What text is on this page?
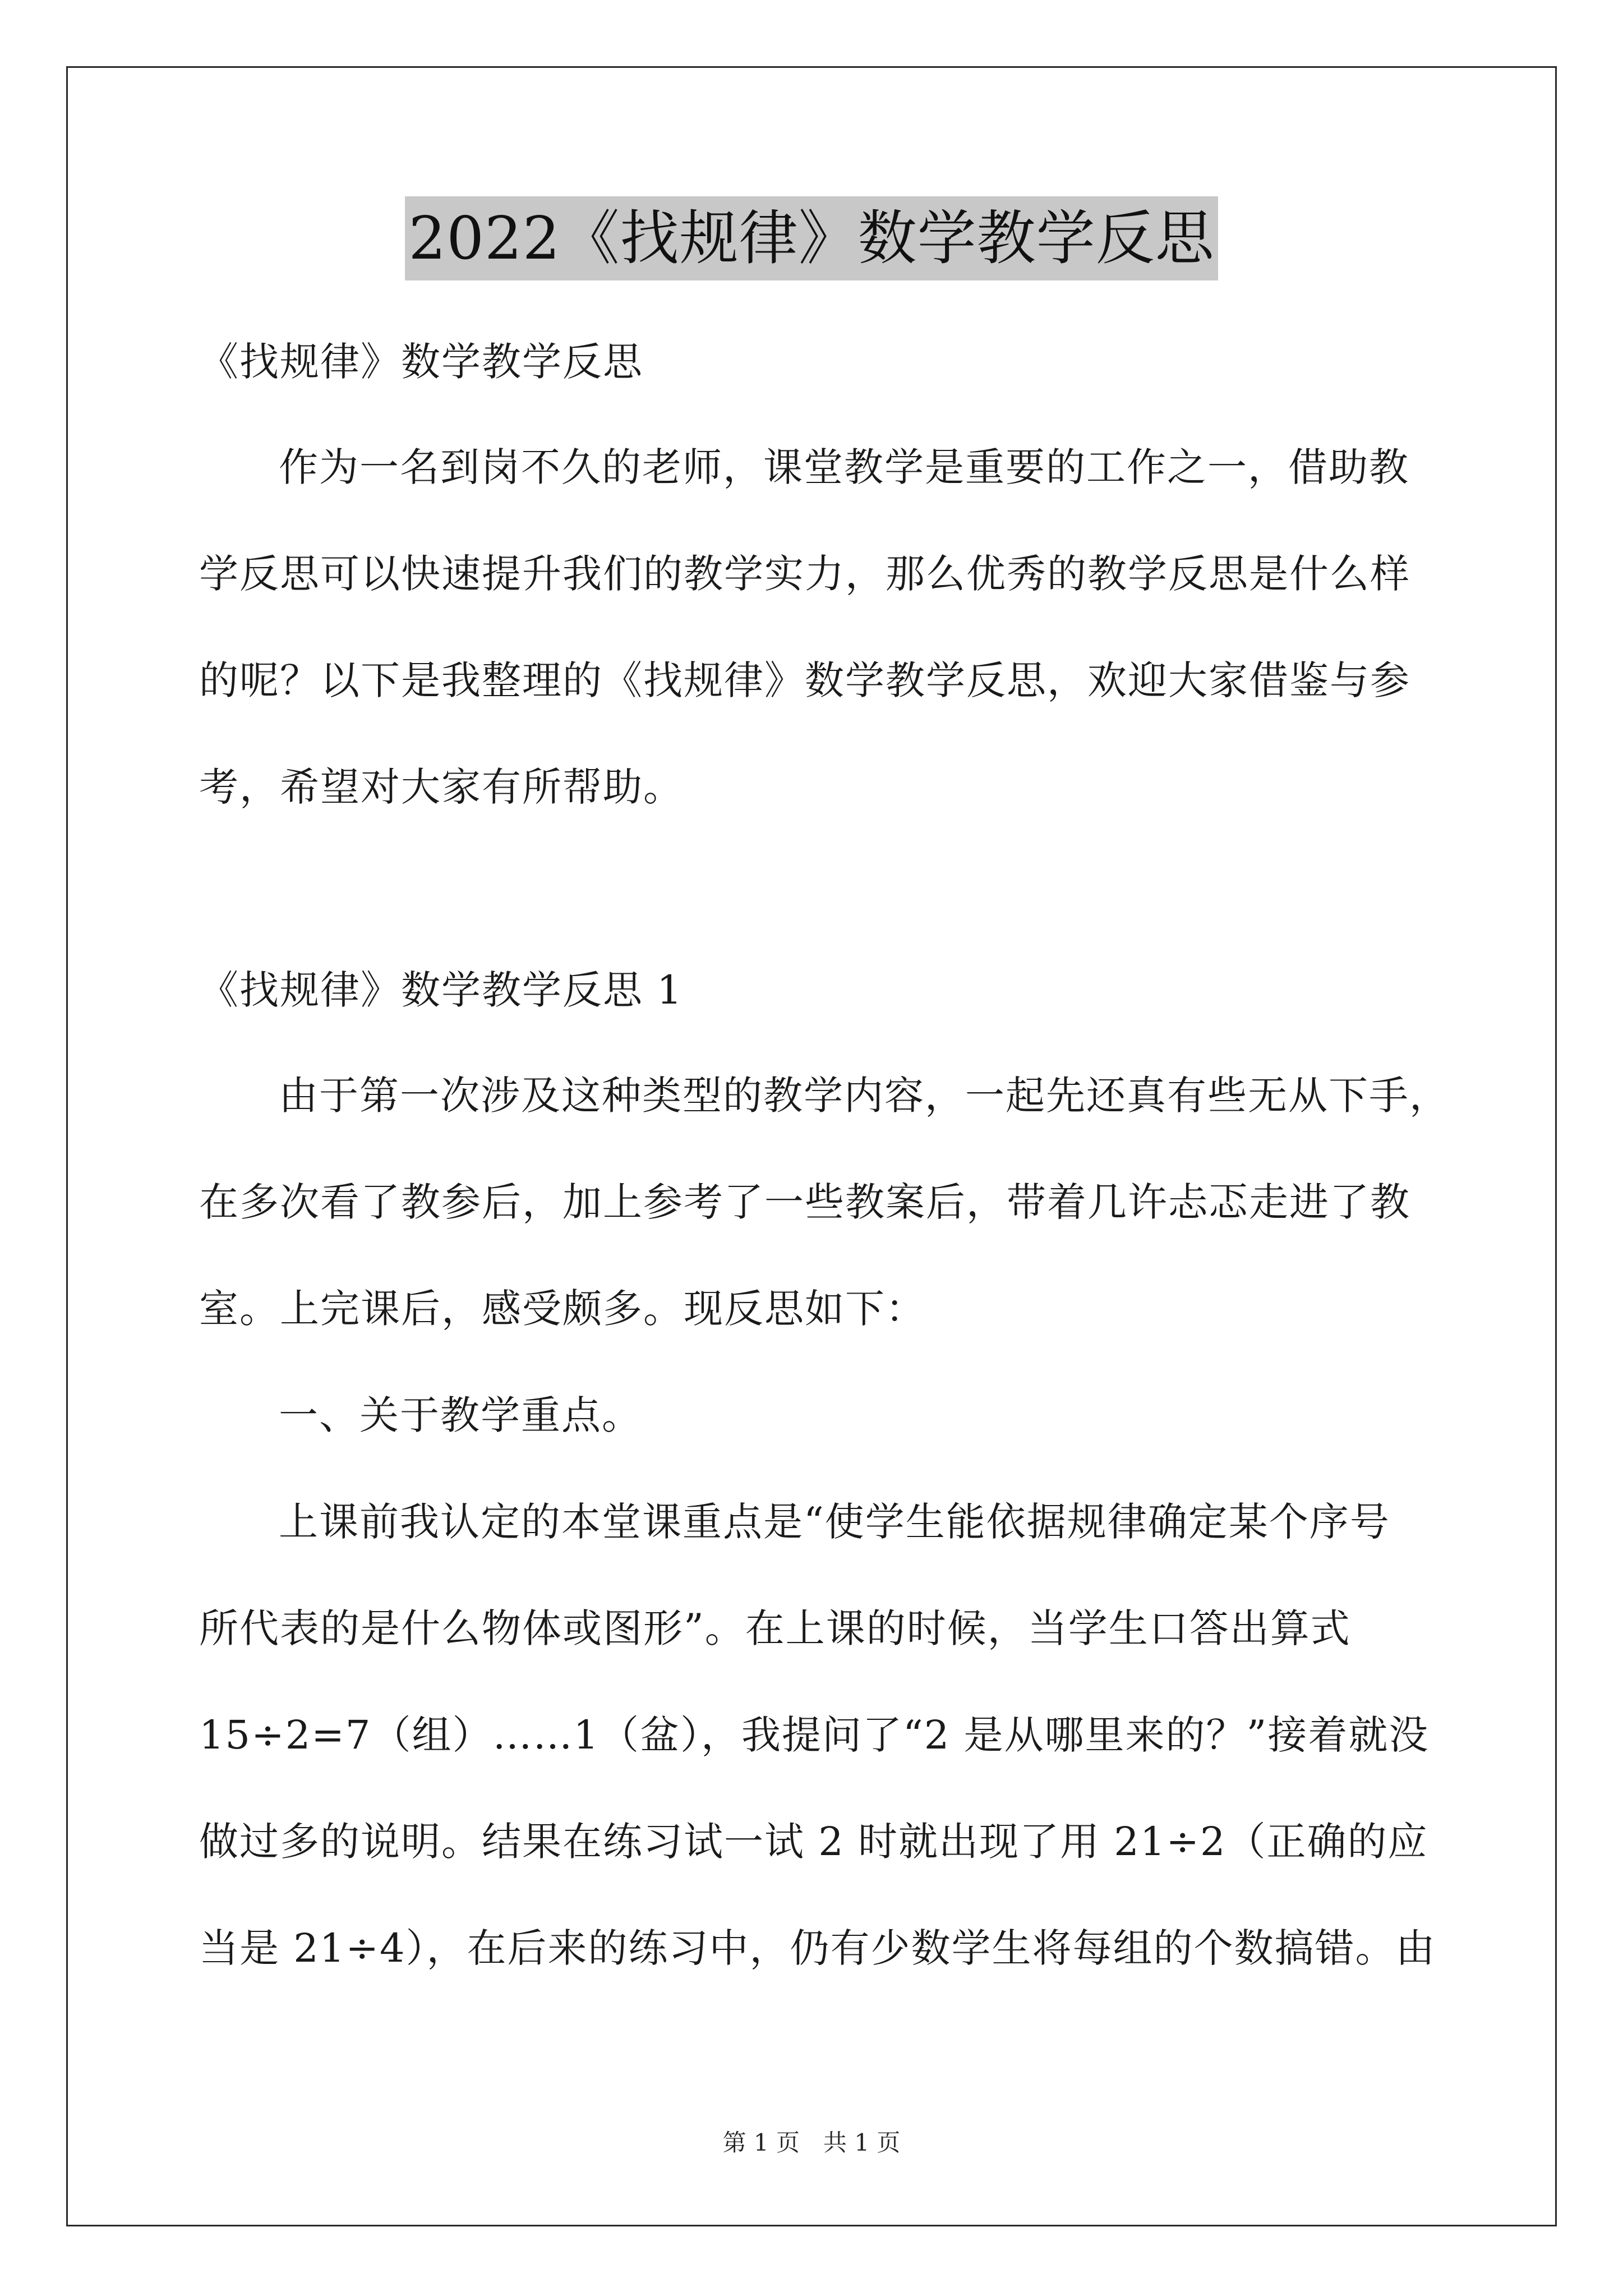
2022《找规律》数学教学反思
《找规律》数学教学反思
作为一名到岗不久的老师，课堂教学是重要的工作之一，借助教
学反思可以快速提升我们的教学实力，那么优秀的教学反思是什么样
的呢？以下是我整理的《找规律》数学教学反思，欢迎大家借鉴与参
考，希望对大家有所帮助。
《找规律》数学教学反思 1
由于第一次涉及这种类型的教学内容，一起先还真有些无从下手，
在多次看了教参后，加上参考了一些教案后，带着几许忐忑走进了教
室。上完课后，感受颇多。现反思如下：
一、关于教学重点。
上课前我认定的本堂课重点是“使学生能依据规律确定某个序号
所代表的是什么物体或图形”。在上课的时候，当学生口答出算式
15÷2=7（组）……1（盆），我提问了“2 是从哪里来的？”接着就没
做过多的说明。结果在练习试一试 2 时就出现了用 21÷2（正确的应
当是 21÷4），在后来的练习中，仍有少数学生将每组的个数搞错。由
第 1 页　共 1 页
